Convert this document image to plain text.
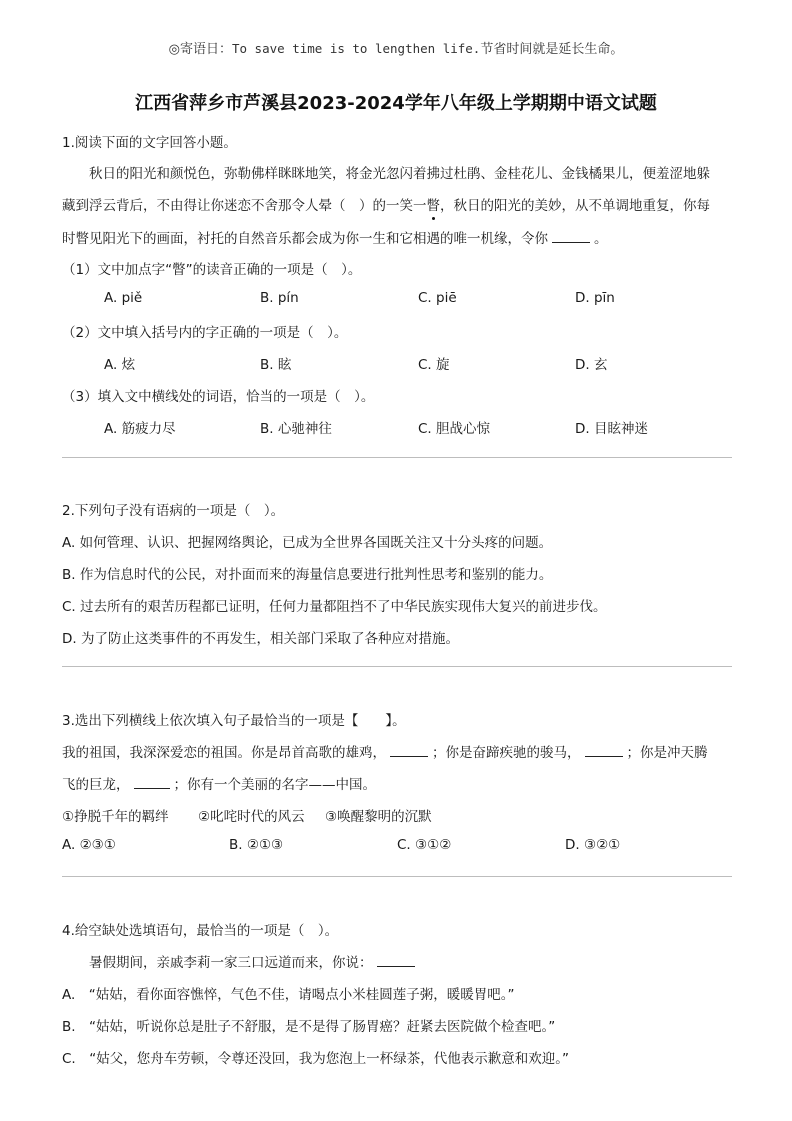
◎寄语日：To save time is to lengthen life.节省时间就是延长生命。
江西省萍乡市芦溪县2023-2024学年八年级上学期期中语文试题
1.阅读下面的文字回答小题。
秋日的阳光和颜悦色，弥勒佛样眯眯地笑，将金光忽闪着拂过杜鹃、金桂花儿、金钱橘果儿，便羞涩地躲
藏到浮云背后，不由得让你迷恋不舍那令人晕（　）的一笑一瞥，秋日的阳光的美妙，从不单调地重复，你每
时瞥见阳光下的画面，衬托的自然音乐都会成为你一生和它相遇的唯一机缘，令你	。
（1）文中加点字“瞥”的读音正确的一项是（　）。
A. piě	B. pín	C. piē	D. pīn
（2）文中填入括号内的字正确的一项是（　）。
A. 炫	B. 眩	C. 旋	D. 玄
（3）填入文中横线处的词语，恰当的一项是（　）。
A. 筋疲力尽	B. 心驰神往	C. 胆战心惊	D. 目眩神迷
2.下列句子没有语病的一项是（　）。
A. 如何管理、认识、把握网络舆论，已成为全世界各国既关注又十分头疼的问题。
B. 作为信息时代的公民，对扑面而来的海量信息要进行批判性思考和鉴别的能力。
C. 过去所有的艰苦历程都已证明，任何力量都阻挡不了中华民族实现伟大复兴的前进步伐。
D. 为了防止这类事件的不再发生，相关部门采取了各种应对措施。
3.选出下列横线上依次填入句子最恰当的一项是【　　】。
我的祖国，我深深爱恋的祖国。你是昂首高歌的雄鸡，	；你是奋蹄疾驰的骏马，	；你是冲天腾
飞的巨龙，	；你有一个美丽的名字——中国。
①挣脱千年的羁绊 ②叱咤时代的风云 ③唤醒黎明的沉默
A. ②③①	B. ②①③	C. ③①②	D. ③②①
4.给空缺处选填语句，最恰当的一项是（　）。
暑假期间，亲戚李莉一家三口远道而来，你说：
A.　“姑姑，看你面容憔悴，气色不佳，请喝点小米桂圆莲子粥，暖暖胃吧。”
B.　“姑姑，听说你总是肚子不舒服，是不是得了肠胃癌？赶紧去医院做个检查吧。”
C.　“姑父，您舟车劳顿，令尊还没回，我为您泡上一杯绿茶，代他表示歉意和欢迎。”
